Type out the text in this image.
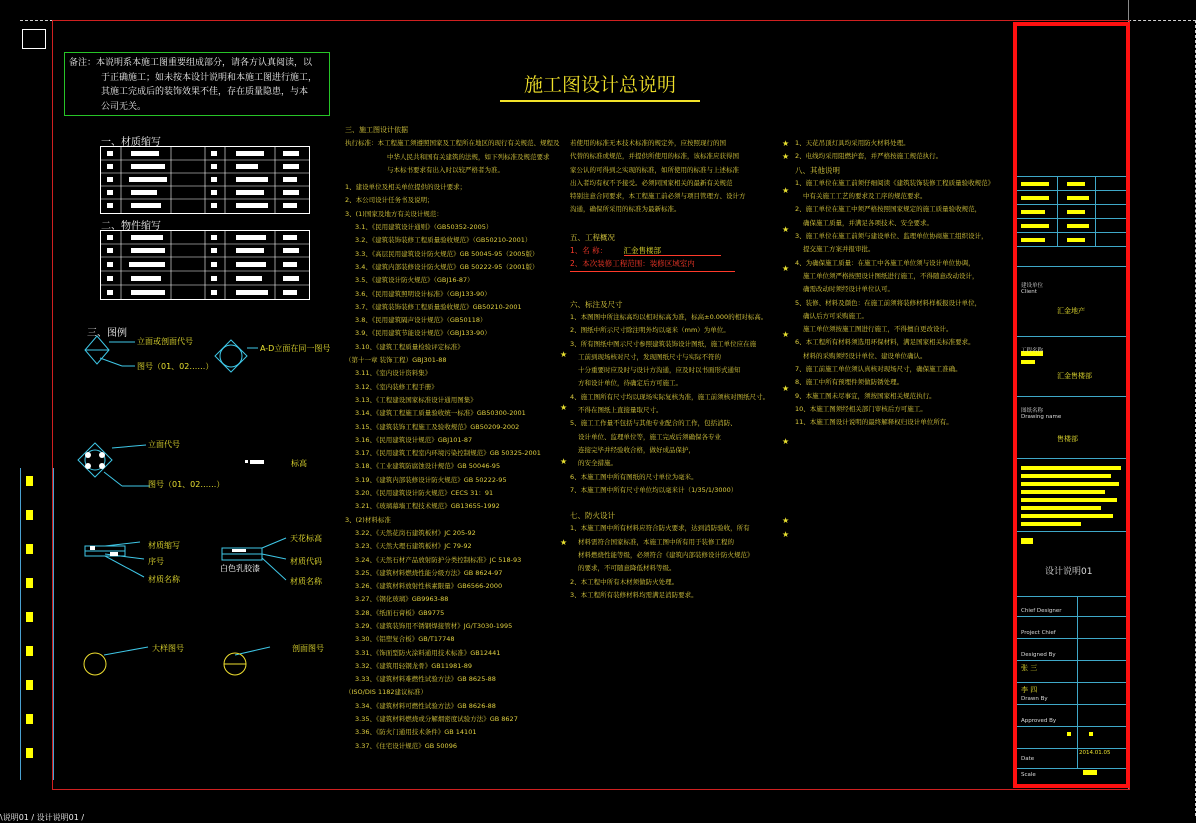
备注：本说明系本施工图重要组成部分，请各方认真阅读，以

于正确施工；如未按本设计说明和本施工图进行施工，

其施工完成后的装饰效果不佳，存在质量隐患，与本

公司无关。

施工图设计总说明
一、材质缩写
二、物件缩写
三、图例
立面或剖面代号
图号（01、02……）
A-D立面在同一图号
立面代号
图号（01、02……）
标高
材质缩写
序号
材质名称
天花标高
材质代码
材质名称
白色乳胶漆
大样图号	剖面图号
三、施工图设计依据
执行标准：本工程施工须遵照国家及工程所在地区的现行有关规范、规程及
中华人民共和国有关建筑的法规，如下列标准及规范要求
与本标书要求有出入时以较严格者为准。
1、建设单位及相关单位提供的设计要求；
2、本公司设计任务书及说明；
3、(1)国家及地方有关设计规范：
3.1、《民用建筑设计通则》（GB50352-2005）
3.2、《建筑装饰装修工程质量验收规范》（GB50210-2001）
3.3、《高层民用建筑设计防火规范》GB 50045-95（2005版）
3.4、《建筑内部装修设计防火规范》GB 50222-95（2001版）
3.5、《建筑设计防火规范》（GBJ16-87）
3.6、《民用建筑照明设计标准》（GBJ133-90）
3.7、《建筑装饰装修工程质量验收规范》GB50210-2001
3.8、《民用建筑隔声设计规范》（GB50118）
3.9、《民用建筑节能设计规范》（GBJ133-90）
3.10、《建筑工程质量检验评定标准》
（第十一章 装饰工程）GBJ301-88
3.11、《室内设计资料集》
3.12、《室内装修工程手册》
3.13、《工程建设国家标准设计通用图集》
3.14、《建筑工程施工质量验收统一标准》GB50300-2001
3.15、《建筑装饰工程施工及验收规范》GB50209-2002
3.16、《民用建筑设计规范》GBJ101-87
3.17、《民用建筑工程室内环境污染控制规范》GB 50325-2001
3.18、《工业建筑防腐蚀设计规范》GB 50046-95
3.19、《建筑内部装修设计防火规范》GB 50222-95
3.20、《民用建筑设计防火规范》CECS 31：91
3.21、《玻璃幕墙工程技术规范》GB13655-1992
3、(2)材料标准
3.22、《天然花岗石建筑板材》JC 205-92
3.23、《天然大理石建筑板材》JC 79-92
3.24、《天然石材产品放射防护分类控制标准》JC 518-93
3.25、《建筑材料燃烧性能分级方法》GB 8624-97
3.26、《建筑材料放射性核素限量》GB6566-2000
3.27、《钢化玻璃》GB9963-88
3.28、《纸面石膏板》GB9775
3.29、《建筑装饰用不锈钢焊接管材》JG/T3030-1995
3.30、《铝塑复合板》GB/T17748
3.31、《饰面型防火涂料通用技术标准》GB12441
3.32、《建筑用轻钢龙骨》GB11981-89
3.33、《建筑材料难燃性试验方法》GB 8625-88
（ISO/DIS 1182建议标准）
3.34、《建筑材料可燃性试验方法》GB 8626-88
3.35、《建筑材料燃烧或分解烟密度试验方法》GB 8627
3.36、《防火门通用技术条件》GB 14101
3.37、《住宅设计规范》GB 50096
若使用的标准无本技术标准的规定外，应按照现行的国
代替的标准或规范，并提供所使用的标准，该标准应获得国
家公认的可得到之实现的标准，如所使用的标准与上述标准
出入者均有权不予接受。必须同国家相关的最新有关规范
特别注意合同要求，本工程施工前必须与项目管理方、设计方
沟通，确保所采用的标准为最新标准。
五、工程概况
1、名 称： 汇金售楼部
2、本次装修工程范围：装修区域室内
六、标注及尺寸
1、本图图中所注标高均以相对标高为准，标高±0.000的相对标高。
2、图纸中所示尺寸除注明外均以毫米（mm）为单位。
3、所有图纸中图示尺寸参照建筑装饰设计图纸，施工单位应在施
工前到现场核对尺寸，发现图纸尺寸与实际不符的
十分重要时应及时与设计方沟通，应及时以书面形式通知
方和设计单位，待确定后方可施工。
4、施工图所有尺寸均以现场实际复核为准，施工前须核对图纸尺寸。
不得在图纸上直接量取尺寸。
5、施工工作量不包括与其他专业配合的工作，包括消防、
设计单位、监理单位等，施工完成后须确保各专业
连接完毕并经验收合格，做好成品保护，
的安全措施。
6、本施工图中所有图纸的尺寸单位为毫米。
7、本施工图中所有尺寸单位均以毫米计（1/35/1/3000）
七、防火设计
1、本施工图中所有材料应符合防火要求，达到消防验收，所有
材料需符合国家标准，本施工图中所有用于装修工程的
材料燃烧性能等级，必须符合《建筑内部装修设计防火规范》
的要求，不可随意降低材料等级。
2、本工程中所有木材须做防火处理。
3、本工程所有装修材料均需满足消防要求。
1、天花吊顶灯具均采用防火材料处理。
2、电线均采用阻燃护套，并严格按施工规范执行。
八、其他说明
1、施工单位在施工前须仔细阅读《建筑装饰装修工程质量验收规范》
中有关施工工艺的要求及工序的规范要求。
2、施工单位在施工中须严格按照国家规定的施工质量验收规范，
确保施工质量，并满足各项技术、安全要求。
3、施工单位在施工前须与建设单位、监理单位协商施工组织设计，
提交施工方案并报审批。
4、为确保施工质量：在施工中各施工单位须与设计单位协调，
施工单位须严格按照设计图纸进行施工，不得随意改动设计，
确需改动时须经设计单位认可。
5、装修、材料及颜色：在施工前须将装修材料样板报设计单位，
确认后方可采购施工。
施工单位须按施工图进行施工，不得擅自更改设计。
6、本工程所有材料须选用环保材料，满足国家相关标准要求。
材料的采购须经设计单位、建设单位确认。
7、施工前施工单位须认真核对现场尺寸，确保施工准确。
8、施工中所有预埋件须做防锈处理。
9、本施工图未尽事宜，须按国家相关规范执行。
10、本施工图须经相关部门审核后方可施工。
11、本施工图设计说明的最终解释权归设计单位所有。
★
★
★
★
★
★
★
★
★
★
★
★
★
★
建设单位
Client
汇金地产
工程名称
汇金售楼部
图纸名称
Drawing name
售楼部
设计说明01
Chief Designer
Project Chief
Designed By
张 三
Drawn By
李 四
Approved By
Date
2014.01.05
Scale
\说明01 / 设计说明01 /
